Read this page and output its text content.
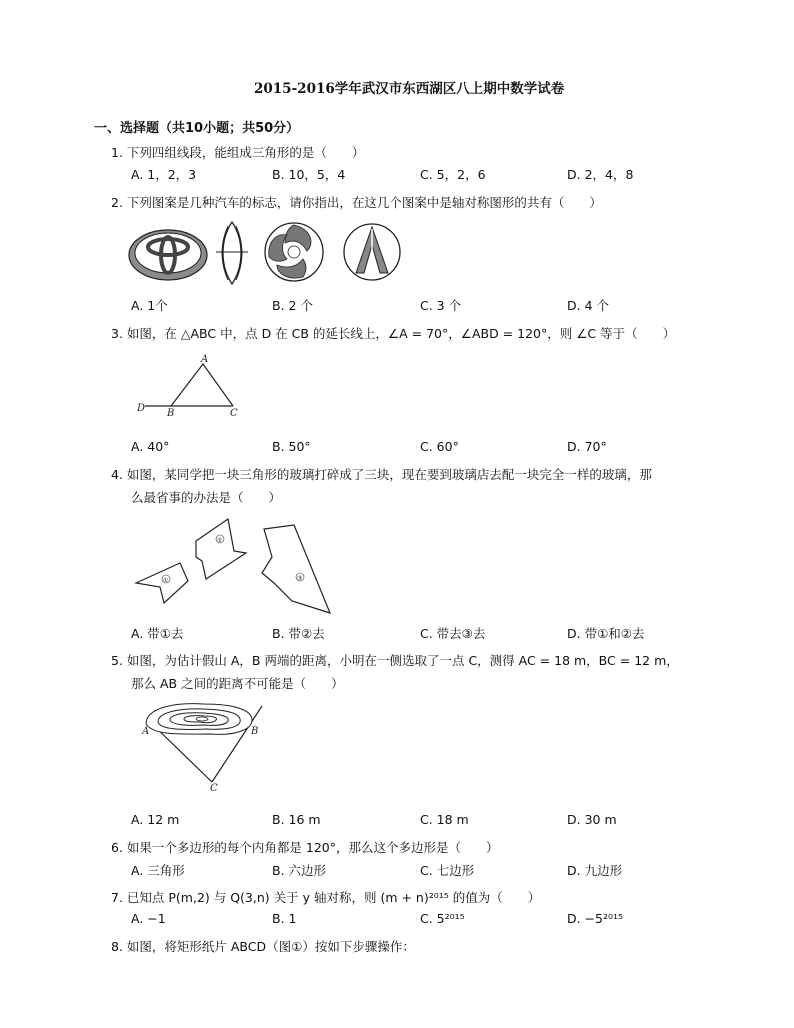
2015-2016学年武汉市东西湖区八上期中数学试卷
一、选择题（共10小题；共50分）
1. 下列四组线段，能组成三角形的是（　　）
A. 1，2，3	B. 10，5，4	C. 5，2，6	D. 2，4，8
2. 下列图案是几种汽车的标志，请你指出，在这几个图案中是轴对称图形的共有（　　）
A. 1个	B. 2 个	C. 3 个	D. 4 个
3. 如图，在 △ABC 中，点 D 在 CB 的延长线上，∠A = 70°，∠ABD = 120°，则 ∠C 等于（　　）
A
B	C
D
A. 40°	B. 50°	C. 60°	D. 70°
4. 如图，某同学把一块三角形的玻璃打碎成了三块，现在要到玻璃店去配一块完全一样的玻璃，那
么最省事的办法是（　　）
①
②
③
A. 带①去	B. 带②去	C. 带去③去	D. 带①和②去
5. 如图，为估计假山 A，B 两端的距离，小明在一侧选取了一点 C，测得 AC = 18 m，BC = 12 m，
那么 AB 之间的距离不可能是（　　）
A	B
C
A. 12 m	B. 16 m	C. 18 m	D. 30 m
6. 如果一个多边形的每个内角都是 120°，那么这个多边形是（　　）
A. 三角形	B. 六边形	C. 七边形	D. 九边形
7. 已知点 P(m,2) 与 Q(3,n) 关于 y 轴对称，则 (m + n)²⁰¹⁵ 的值为（　　）
A. −1	B. 1	C. 5²⁰¹⁵	D. −5²⁰¹⁵
8. 如图，将矩形纸片 ABCD（图①）按如下步骤操作：
